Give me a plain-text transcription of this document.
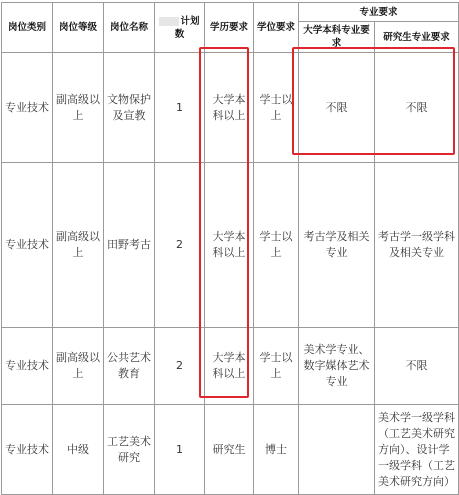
岗位类别	岗位等级	岗位名称	计划数	学历要求	学位要求	专业要求	
						大学本科专业要求	研究生专业要求
专业技术	副高级以上	文物保护及宣教	1	大学本科以上	学士以上	不限	不限
专业技术	副高级以上	田野考古	2	大学本科以上	学士以上	考古学及相关专业	考古学一级学科及相关专业
专业技术	副高级以上	公共艺术教育	2	大学本科以上	学士以上	美术学专业、数字媒体艺术专业	不限
专业技术	中级	工艺美术研究	1	研究生	博士		美术学一级学科（工艺美术研究方向）、设计学一级学科（工艺美术研究方向）
